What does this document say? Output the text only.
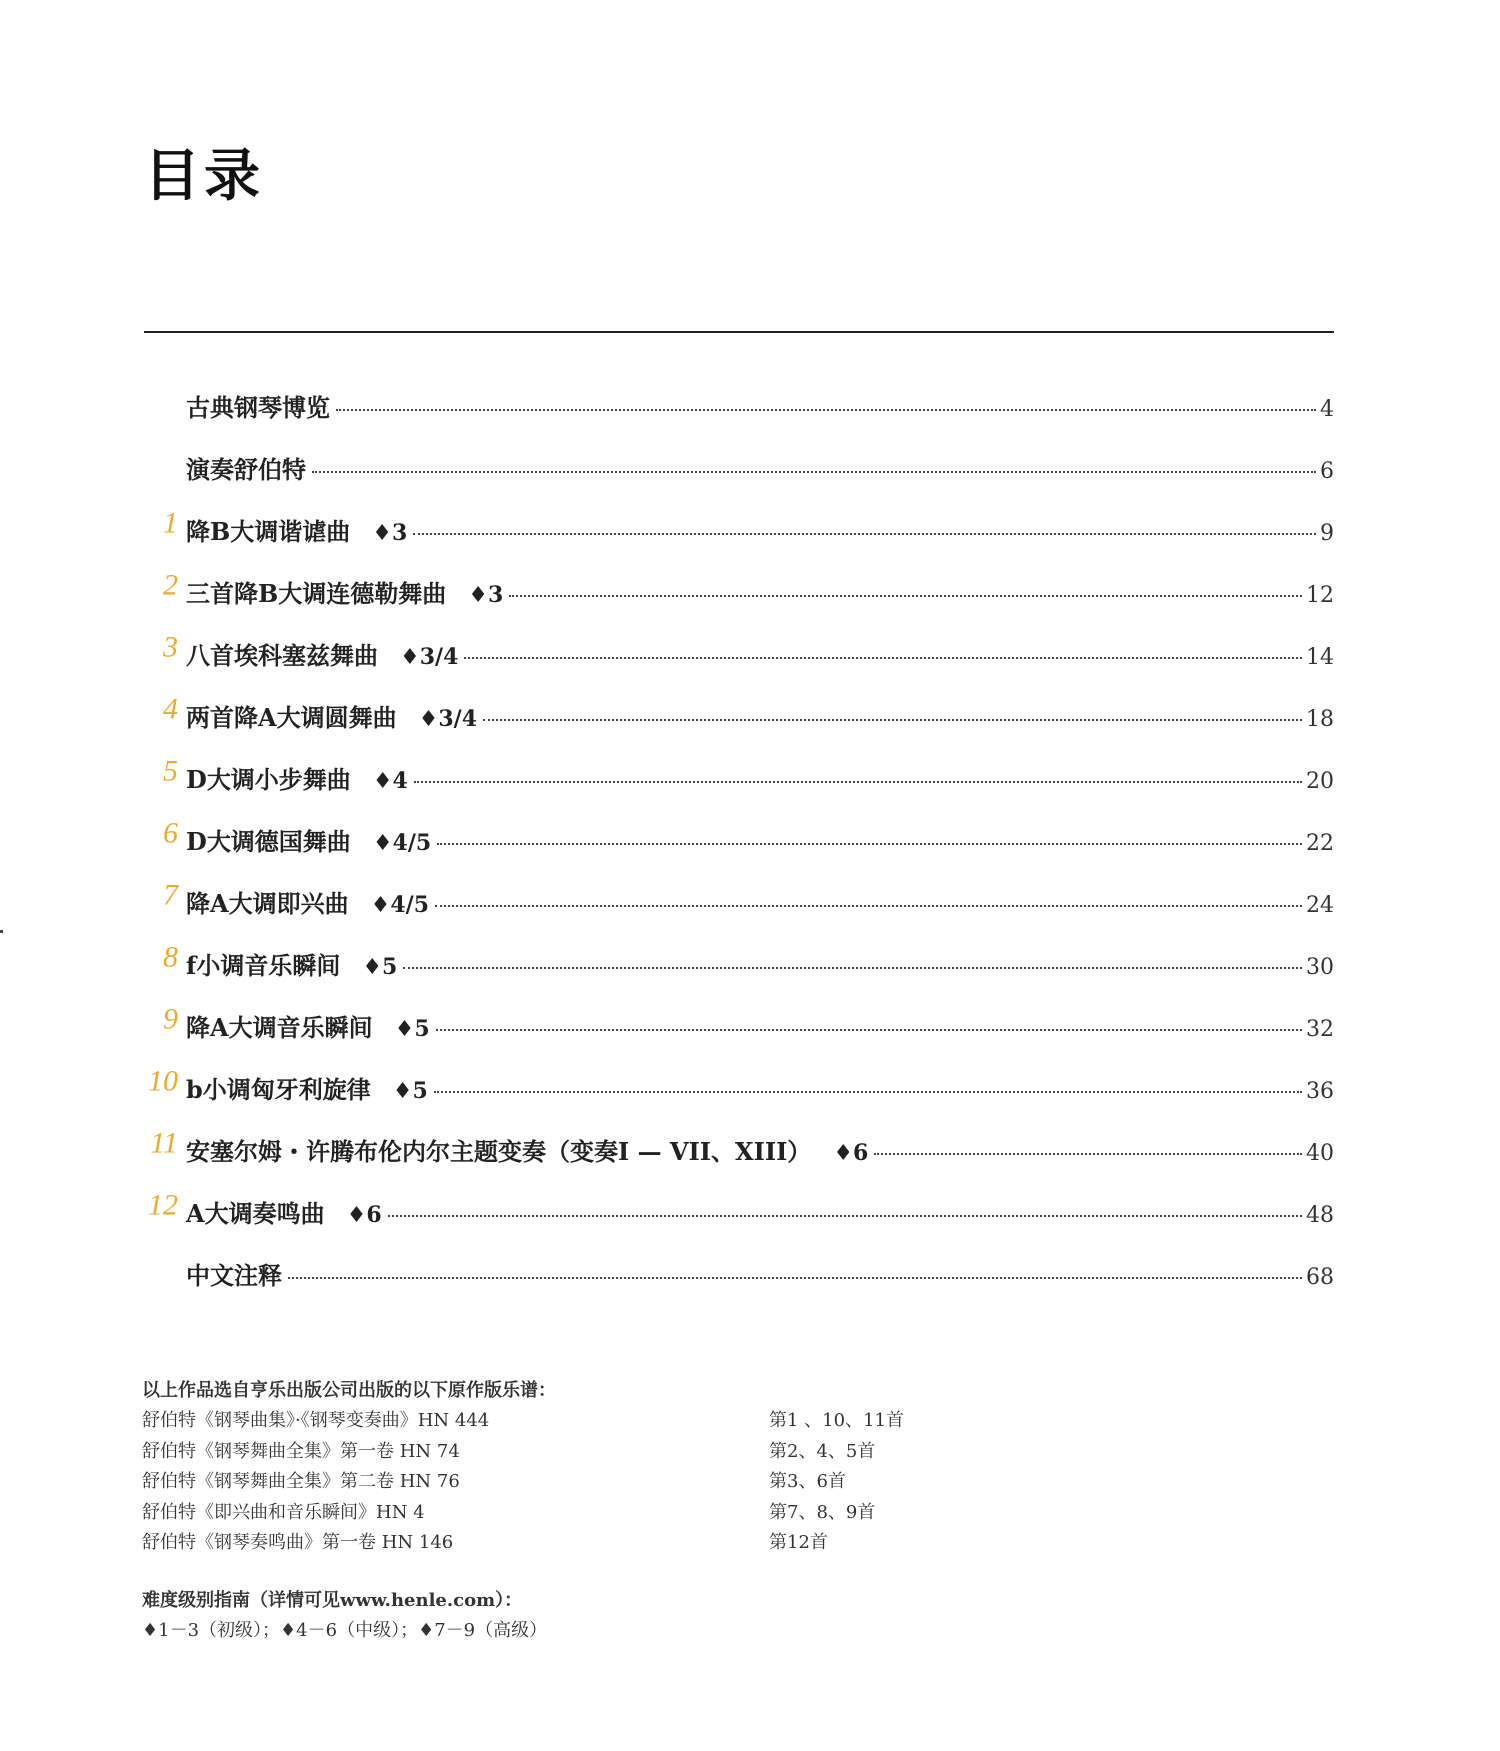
目录
古典钢琴博览	4
演奏舒伯特	6
1 降B大调谐谑曲 ♦3	9
2 三首降B大调连德勒舞曲 ♦3	12
3 八首埃科塞兹舞曲 ♦3/4	14
4 两首降A大调圆舞曲 ♦3/4	18
5 D大调小步舞曲 ♦4	20
6 D大调德国舞曲 ♦4/5	22
7 降A大调即兴曲 ♦4/5	24
8 f小调音乐瞬间 ♦5	30
9 降A大调音乐瞬间 ♦5	32
10 b小调匈牙利旋律 ♦5	36
11 安塞尔姆・许腾布伦内尔主题变奏（变奏I — VII、XIII） ♦6	40
12 A大调奏鸣曲 ♦6	48
中文注释	68
以上作品选自亨乐出版公司出版的以下原作版乐谱：
舒伯特《钢琴曲集》·《钢琴变奏曲》HN 444	第1 、10、11首
舒伯特《钢琴舞曲全集》第一卷 HN 74	第2、4、5首
舒伯特《钢琴舞曲全集》第二卷 HN 76	第3、6首
舒伯特《即兴曲和音乐瞬间》HN 4	第7、8、9首
舒伯特《钢琴奏鸣曲》第一卷 HN 146	第12首
难度级别指南（详情可见www.henle.com）：
♦1－3（初级）；♦4－6（中级）；♦7－9（高级）
